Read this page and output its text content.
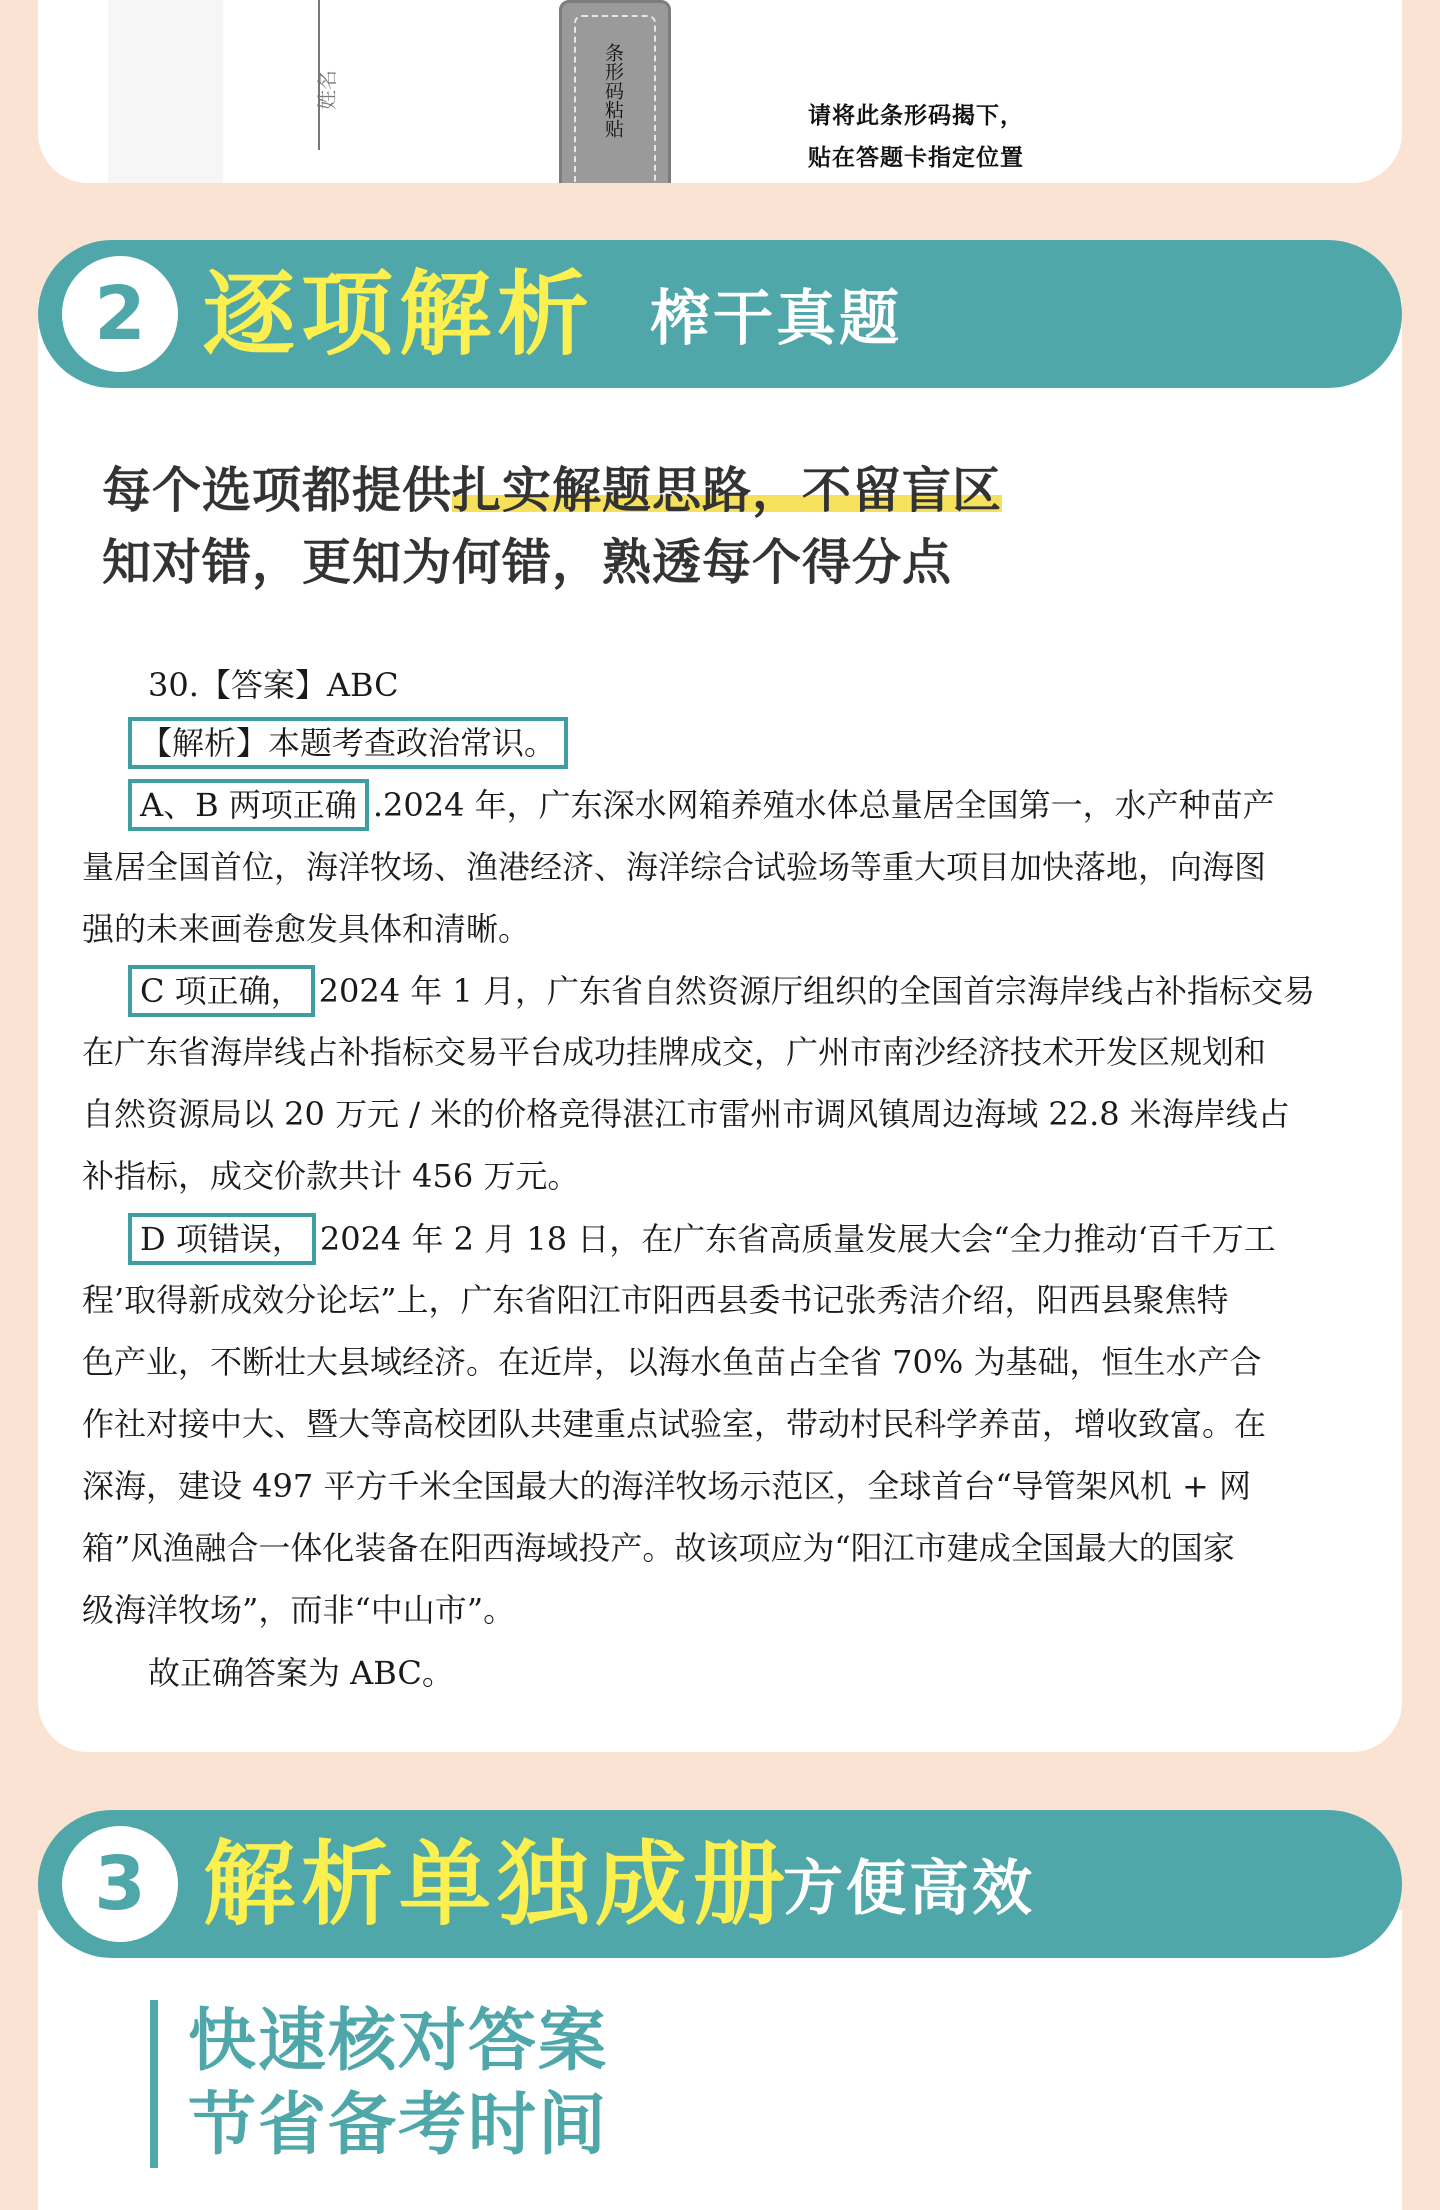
姓名	条形码粘贴	请将此条形码揭下，
贴在答题卡指定位置
2 逐项解析 榨干真题
每个选项都提供扎实解题思路，不留盲区
知对错，更知为何错，熟透每个得分点
30.【答案】ABC
【解析】本题考查政治常识。
A、B 两项正确 .2024 年，广东深水网箱养殖水体总量居全国第一，水产种苗产
量居全国首位，海洋牧场、渔港经济、海洋综合试验场等重大项目加快落地，向海图
强的未来画卷愈发具体和清晰。
C 项正确， 2024 年 1 月，广东省自然资源厅组织的全国首宗海岸线占补指标交易
在广东省海岸线占补指标交易平台成功挂牌成交，广州市南沙经济技术开发区规划和
自然资源局以 20 万元 / 米的价格竞得湛江市雷州市调风镇周边海域 22.8 米海岸线占
补指标，成交价款共计 456 万元。
D 项错误， 2024 年 2 月 18 日，在广东省高质量发展大会“全力推动‘百千万工
程’取得新成效分论坛”上，广东省阳江市阳西县委书记张秀洁介绍，阳西县聚焦特
色产业，不断壮大县域经济。在近岸，以海水鱼苗占全省 70% 为基础，恒生水产合
作社对接中大、暨大等高校团队共建重点试验室，带动村民科学养苗，增收致富。在
深海，建设 497 平方千米全国最大的海洋牧场示范区，全球首台“导管架风机 + 网
箱”风渔融合一体化装备在阳西海域投产。故该项应为“阳江市建成全国最大的国家
级海洋牧场”，而非“中山市”。
故正确答案为 ABC。
3 解析单独成册
方便高效
快速核对答案
节省备考时间
